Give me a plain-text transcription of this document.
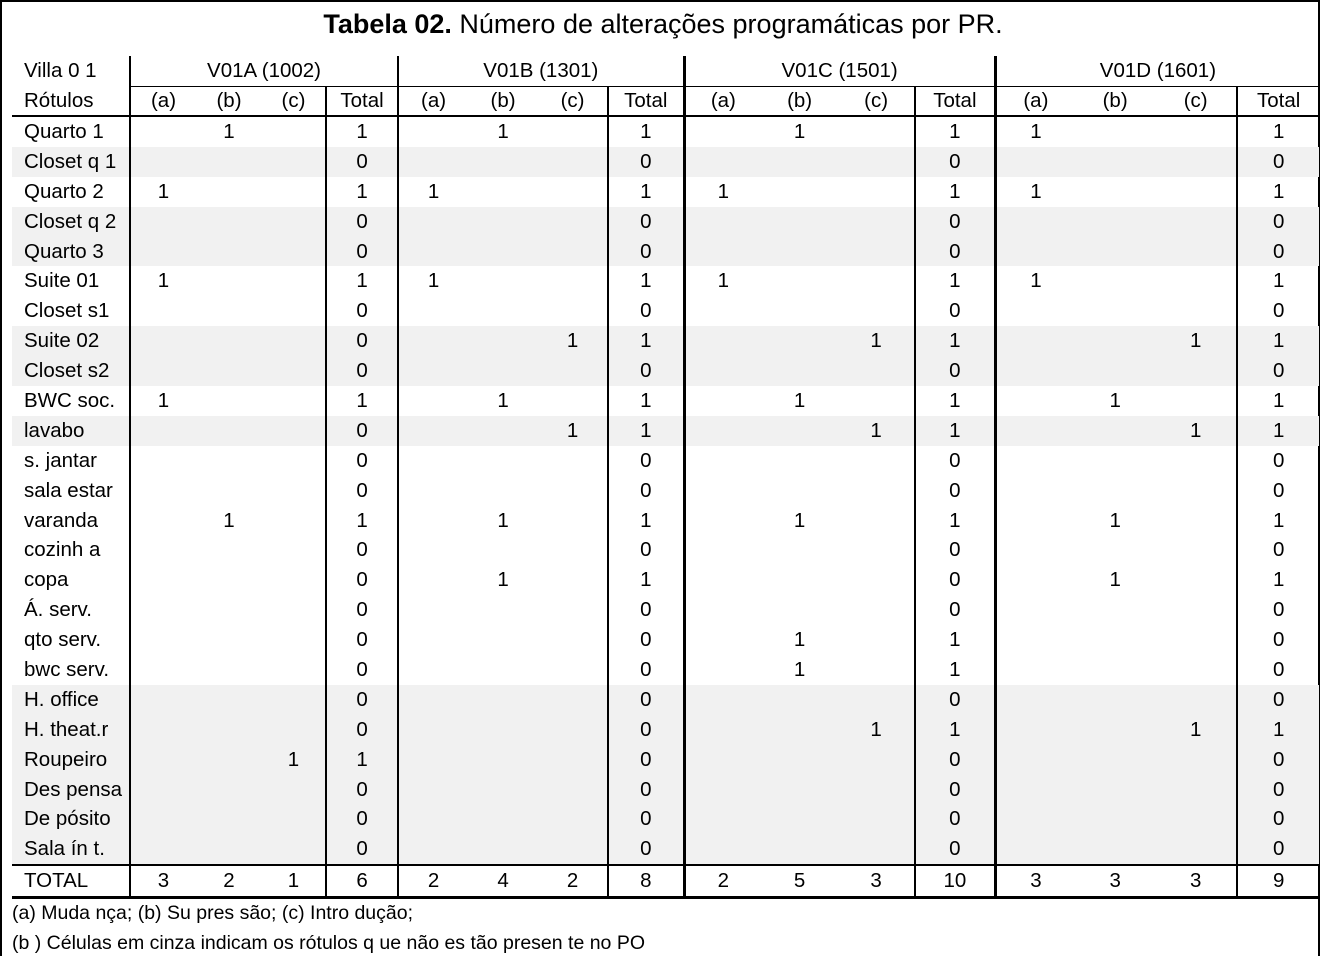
Tabela 02. Número de alterações programáticas por PR.
Villa 0 1	V01A (1002)				V01B (1301)				V01C (1501)				V01D (1601)			
Rótulos	(a)	(b)	(c)	Total	(a)	(b)	(c)	Total	(a)	(b)	(c)	Total	(a)	(b)	(c)	Total
Quarto 1		1		1		1		1		1		1	1			1
Closet q 1				0				0				0				0
Quarto 2	1			1	1			1	1			1	1			1
Closet q 2				0				0				0				0
Quarto 3				0				0				0				0
Suite 01	1			1	1			1	1			1	1			1
Closet s1				0				0				0				0
Suite 02				0			1	1			1	1			1	1
Closet s2				0				0				0				0
BWC soc.	1			1		1		1		1		1		1		1
lavabo				0			1	1			1	1			1	1
s. jantar				0				0				0				0
sala estar				0				0				0				0
varanda		1		1		1		1		1		1		1		1
cozinh a				0				0				0				0
copa				0		1		1				0		1		1
Á. serv.				0				0				0				0
qto serv.				0				0		1		1				0
bwc serv.				0				0		1		1				0
H. office				0				0				0				0
H. theat.r				0				0			1	1			1	1
Roupeiro			1	1				0				0				0
Des pensa				0				0				0				0
De pósito				0				0				0				0
Sala ín t.				0				0				0				0
TOTAL	3	2	1	6	2	4	2	8	2	5	3	10	3	3	3	9
(a) Muda nça; (b) Su pres são; (c) Intro dução;
(b ) Células em cinza indicam os rótulos q ue não es tão presen te no PO
